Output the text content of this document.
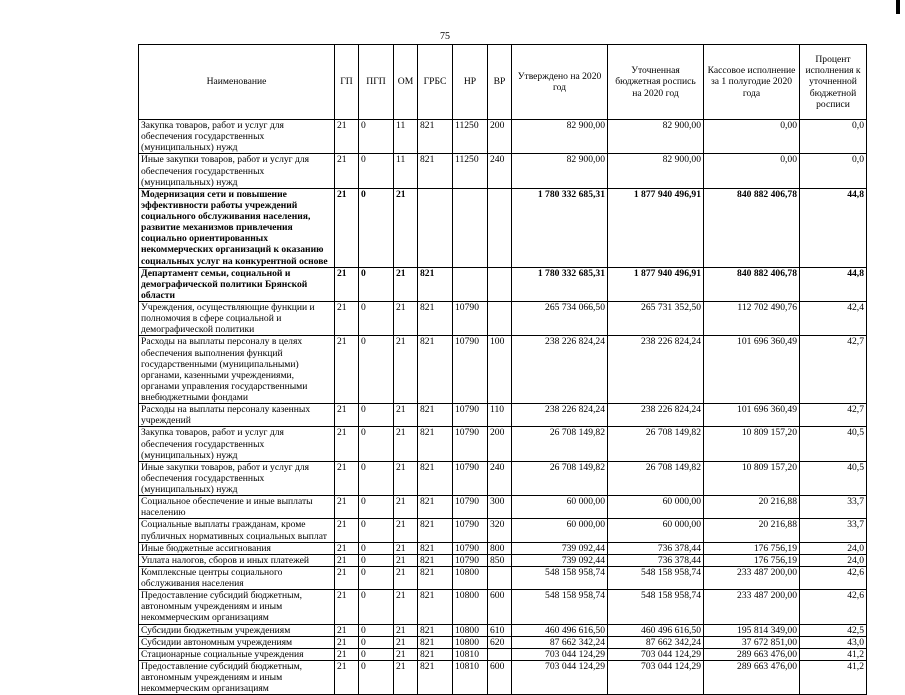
75
Наименование	ГП	ПГП	ОМ	ГРБС	НР	ВР	Утверждено на 2020 год	Уточненная бюджетная роспись на 2020 год	Кассовое исполнение за 1 полугодие 2020 года	Процент исполнения к уточненной бюджетной росписи
Закупка товаров, работ и услуг для обеспечения государственных (муниципальных) нужд	21	0	11	821	11250	200	82 900,00	82 900,00	0,00	0,0
Иные закупки товаров, работ и услуг для обеспечения государственных (муниципальных) нужд	21	0	11	821	11250	240	82 900,00	82 900,00	0,00	0,0
Модернизация сети и повышение эффективности работы учреждений социального обслуживания населения, развитие механизмов привлечения социально ориентированных некоммерческих организаций к оказанию социальных услуг на конкурентной основе	21	0	21				1 780 332 685,31	1 877 940 496,91	840 882 406,78	44,8
Департамент семьи, социальной и демографической политики Брянской области	21	0	21	821			1 780 332 685,31	1 877 940 496,91	840 882 406,78	44,8
Учреждения, осуществляющие функции и полномочия в сфере социальной и демографической политики	21	0	21	821	10790		265 734 066,50	265 731 352,50	112 702 490,76	42,4
Расходы на выплаты персоналу в целях обеспечения выполнения функций государственными (муниципальными) органами, казенными учреждениями, органами управления государственными внебюджетными фондами	21	0	21	821	10790	100	238 226 824,24	238 226 824,24	101 696 360,49	42,7
Расходы на выплаты персоналу казенных учреждений	21	0	21	821	10790	110	238 226 824,24	238 226 824,24	101 696 360,49	42,7
Закупка товаров, работ и услуг для обеспечения государственных (муниципальных) нужд	21	0	21	821	10790	200	26 708 149,82	26 708 149,82	10 809 157,20	40,5
Иные закупки товаров, работ и услуг для обеспечения государственных (муниципальных) нужд	21	0	21	821	10790	240	26 708 149,82	26 708 149,82	10 809 157,20	40,5
Социальное обеспечение и иные выплаты населению	21	0	21	821	10790	300	60 000,00	60 000,00	20 216,88	33,7
Социальные выплаты гражданам, кроме публичных нормативных социальных выплат	21	0	21	821	10790	320	60 000,00	60 000,00	20 216,88	33,7
Иные бюджетные ассигнования	21	0	21	821	10790	800	739 092,44	736 378,44	176 756,19	24,0
Уплата налогов, сборов и иных платежей	21	0	21	821	10790	850	739 092,44	736 378,44	176 756,19	24,0
Комплексные центры социального обслуживания населения	21	0	21	821	10800		548 158 958,74	548 158 958,74	233 487 200,00	42,6
Предоставление субсидий бюджетным, автономным учреждениям и иным некоммерческим организациям	21	0	21	821	10800	600	548 158 958,74	548 158 958,74	233 487 200,00	42,6
Субсидии бюджетным учреждениям	21	0	21	821	10800	610	460 496 616,50	460 496 616,50	195 814 349,00	42,5
Субсидии автономным учреждениям	21	0	21	821	10800	620	87 662 342,24	87 662 342,24	37 672 851,00	43,0
Стационарные социальные учреждения	21	0	21	821	10810		703 044 124,29	703 044 124,29	289 663 476,00	41,2
Предоставление субсидий бюджетным, автономным учреждениям и иным некоммерческим организациям	21	0	21	821	10810	600	703 044 124,29	703 044 124,29	289 663 476,00	41,2
